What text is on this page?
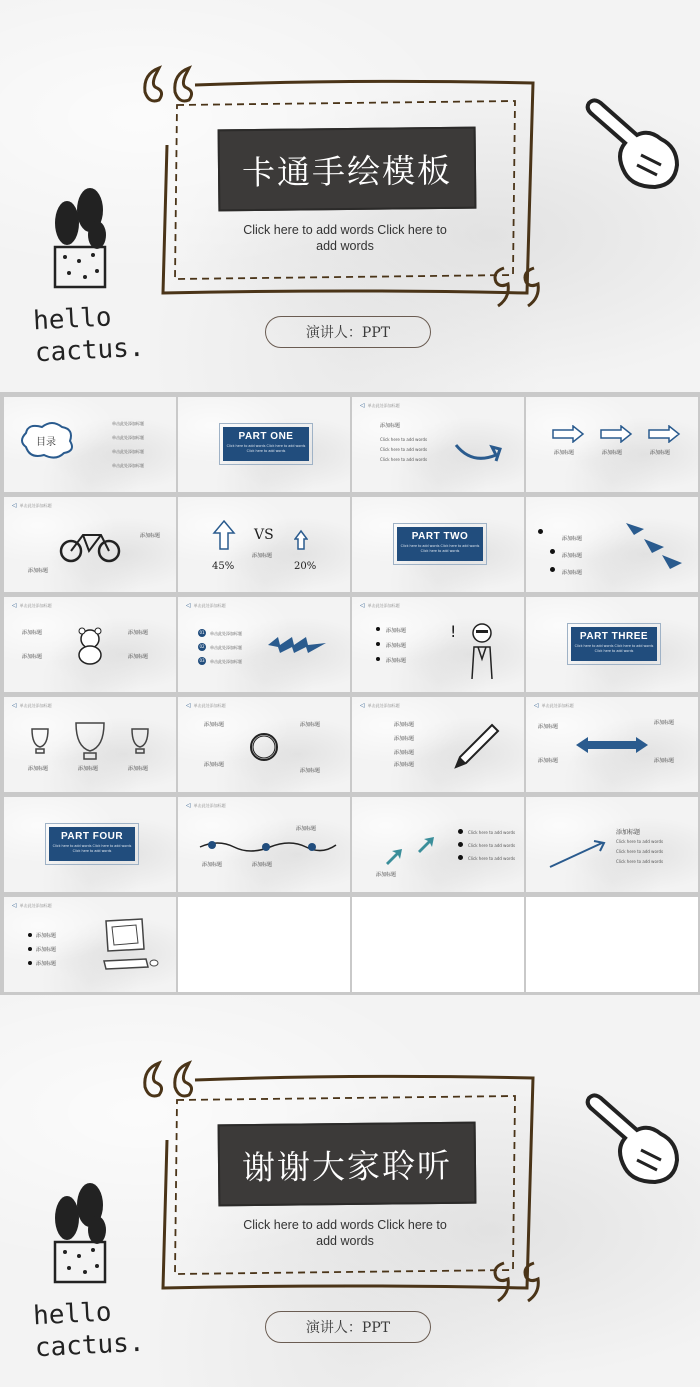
卡通手绘模板
Click here to add words Click here to add words
演讲人：PPT
hello cactus.
目录
单击此处添加标题
单击此处添加标题
单击此处添加标题
单击此处添加标题
PART ONE
Click here to add words Click here to add words Click here to add words
◁ 单击此处添加标题
添加标题
Click here to add words
Click here to add words
Click here to add words
添加标题	添加标题	添加标题
◁ 单击此处添加标题
添加标题
添加标题
VS
添加标题
45%	20%
PART TWO
Click here to add words Click here to add words Click here to add words
添加标题
添加标题
添加标题
◁ 单击此处添加标题
添加标题	添加标题
添加标题	添加标题
◁ 单击此处添加标题
01
02
03
单击此处添加标题
单击此处添加标题
单击此处添加标题
◁ 单击此处添加标题
添加标题
添加标题
添加标题
!	PART THREE
Click here to add words Click here to add words Click here to add words
◁ 单击此处添加标题
添加标题	添加标题	添加标题
◁ 单击此处添加标题
添加标题	添加标题
添加标题
添加标题
◁ 单击此处添加标题
添加标题
添加标题
添加标题
添加标题
◁ 单击此处添加标题
添加标题
添加标题
添加标题	添加标题
PART FOUR
Click here to add words Click here to add words Click here to add words
◁ 单击此处添加标题
添加标题
添加标题	添加标题
Click here to add words
Click here to add words
Click here to add words
添加标题
添加标题
Click here to add words
Click here to add words
Click here to add words
◁ 单击此处添加标题
添加标题
添加标题
添加标题
谢谢大家聆听
Click here to add words Click here to add words
演讲人：PPT
hello cactus.
